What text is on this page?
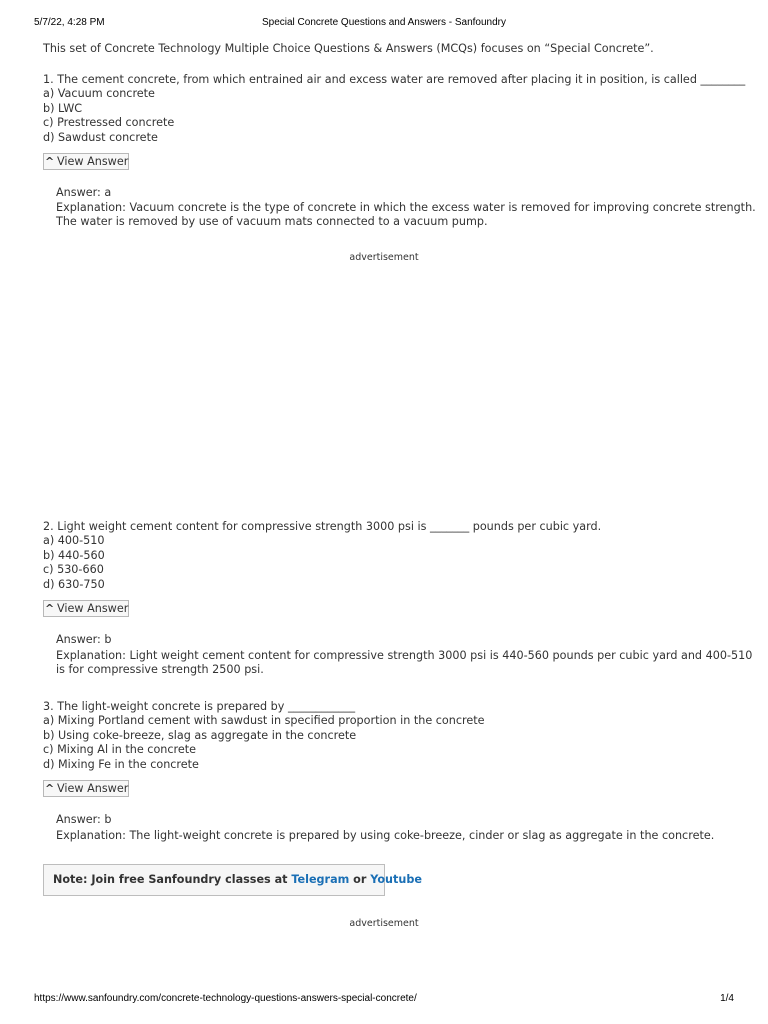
5/7/22, 4:28 PM	Special Concrete Questions and Answers - Sanfoundry
This set of Concrete Technology Multiple Choice Questions & Answers (MCQs) focuses on “Special Concrete”.
1. The cement concrete, from which entrained air and excess water are removed after placing it in position, is called ________
a) Vacuum concrete
b) LWC
c) Prestressed concrete
d) Sawdust concrete
^ View Answer
Answer: a
Explanation: Vacuum concrete is the type of concrete in which the excess water is removed for improving concrete strength.
The water is removed by use of vacuum mats connected to a vacuum pump.
advertisement
2. Light weight cement content for compressive strength 3000 psi is _______ pounds per cubic yard.
a) 400-510
b) 440-560
c) 530-660
d) 630-750
^ View Answer
Answer: b
Explanation: Light weight cement content for compressive strength 3000 psi is 440-560 pounds per cubic yard and 400-510
is for compressive strength 2500 psi.
3. The light-weight concrete is prepared by ____________
a) Mixing Portland cement with sawdust in specified proportion in the concrete
b) Using coke-breeze, slag as aggregate in the concrete
c) Mixing Al in the concrete
d) Mixing Fe in the concrete
^ View Answer
Answer: b
Explanation: The light-weight concrete is prepared by using coke-breeze, cinder or slag as aggregate in the concrete.
Note: Join free Sanfoundry classes at Telegram or Youtube
advertisement
https://www.sanfoundry.com/concrete-technology-questions-answers-special-concrete/	1/4
